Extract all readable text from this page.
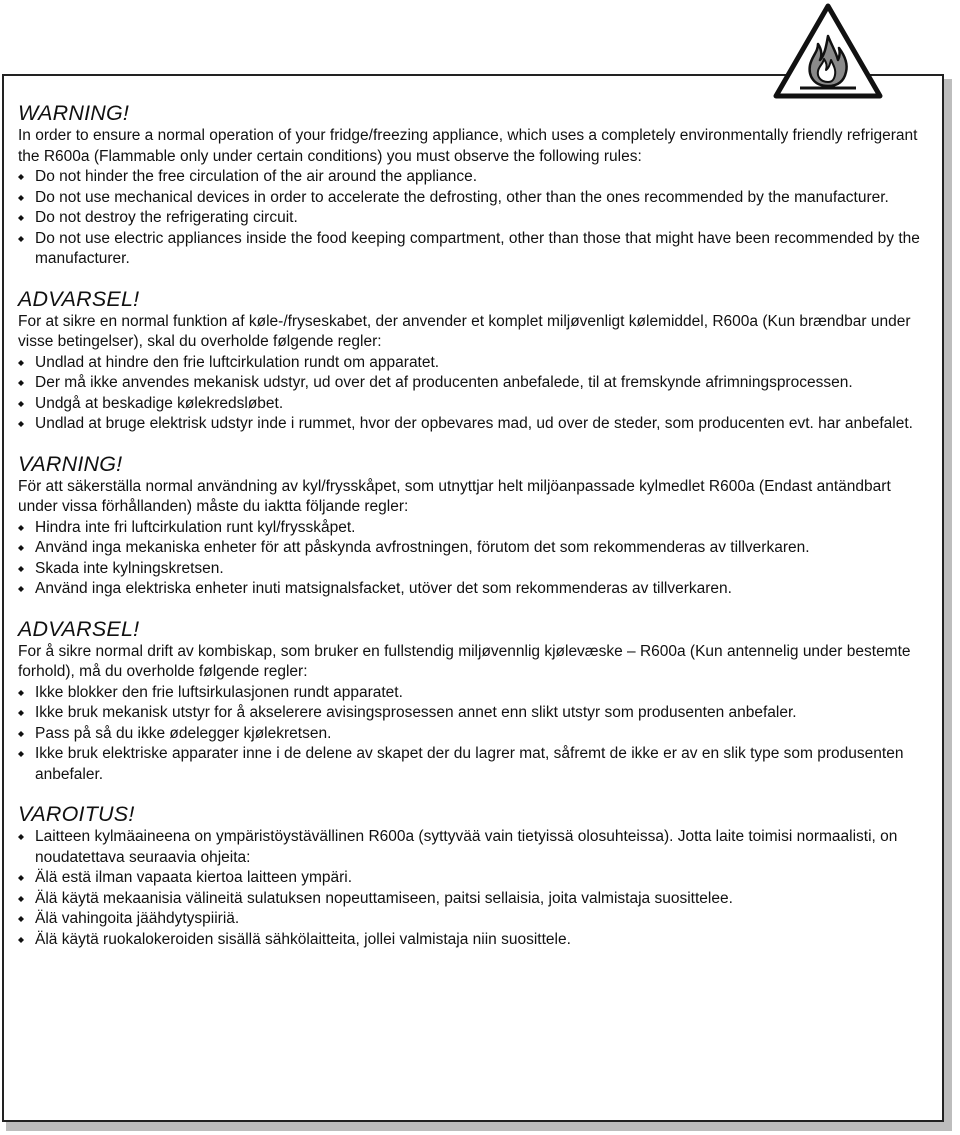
WARNING!

In order to ensure a normal operation of your fridge/freezing appliance, which uses a completely environmentally friendly refrigerant the R600a (Flammable only under certain conditions) you must observe the following rules:

Do not hinder the free circulation of the air around the appliance.
Do not use mechanical devices in order to accelerate the defrosting, other than the ones recommended by the manufacturer.
Do not destroy the refrigerating circuit.
Do not use electric appliances inside the food keeping compartment, other than those that might have been recommended by the manufacturer.
ADVARSEL!

For at sikre en normal funktion af køle-/fryseskabet, der anvender et komplet miljøvenligt kølemiddel, R600a (Kun brændbar under visse betingelser), skal du overholde følgende regler:

Undlad at hindre den frie luftcirkulation rundt om apparatet.
Der må ikke anvendes mekanisk udstyr, ud over det af producenten anbefalede, til at fremskynde afrimningsprocessen.
Undgå at beskadige kølekredsløbet.
Undlad at bruge elektrisk udstyr inde i rummet, hvor der opbevares mad, ud over de steder, som producenten evt. har anbefalet.
VARNING!

För att säkerställa normal användning av kyl/frysskåpet, som utnyttjar helt miljöanpassade kylmedlet R600a (Endast antändbart under vissa förhållanden) måste du iaktta följande regler:

Hindra inte fri luftcirkulation runt kyl/frysskåpet.
Använd inga mekaniska enheter för att påskynda avfrostningen, förutom det som rekommenderas av tillverkaren.
Skada inte kylningskretsen.
Använd inga elektriska enheter inuti matsignalsfacket, utöver det som rekommenderas av tillverkaren.
ADVARSEL!

For å sikre normal drift av kombiskap, som bruker en fullstendig miljøvennlig kjølevæske – R600a (Kun antennelig under bestemte forhold), må du overholde følgende regler:

Ikke blokker den frie luftsirkulasjonen rundt apparatet.
Ikke bruk mekanisk utstyr for å akselerere avisingsprosessen annet enn slikt utstyr som produsenten anbefaler.
Pass på så du ikke ødelegger kjølekretsen.
Ikke bruk elektriske apparater inne i de delene av skapet der du lagrer mat, såfremt de ikke er av en slik type som produsenten anbefaler.
VAROITUS!
Laitteen kylmäaineena on ympäristöystävällinen R600a (syttyvää vain tietyissä olosuhteissa). Jotta laite toimisi normaalisti, on noudatettava seuraavia ohjeita:
Älä estä ilman vapaata kiertoa laitteen ympäri.
Älä käytä mekaanisia välineitä sulatuksen nopeuttamiseen, paitsi sellaisia, joita valmistaja suosittelee.
Älä vahingoita jäähdytyspiiriä.
Älä käytä ruokalokeroiden sisällä sähkölaitteita, jollei valmistaja niin suosittele.
